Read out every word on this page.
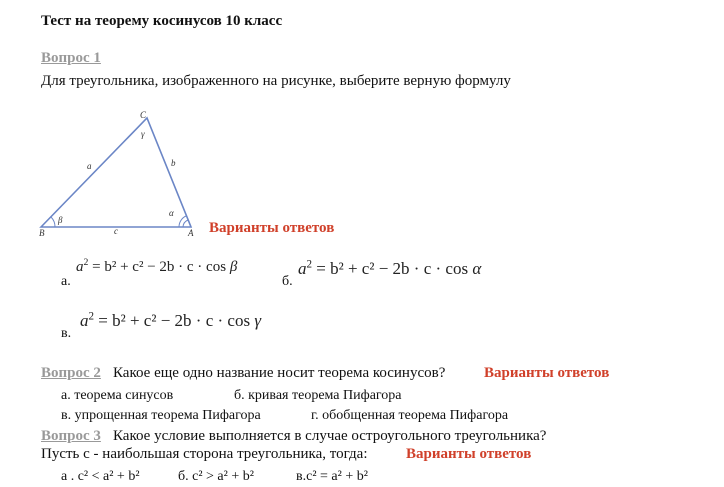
Тест на теорему косинусов 10 класс
Вопрос 1
Для треугольника, изображенного на рисунке, выберите верную формулу
C
B	A
a	b
c
γ
β
α
Варианты ответов
а.
$a^2 = b^2 + c^2 - 2b \cdot c \cdot \cos \beta$
б.
$a^2 = b^2 + c^2 - 2b \cdot c \cdot \cos \alpha$
в.
$a^2 = b^2 + c^2 - 2b \cdot c \cdot \cos \gamma$
Вопрос 2 Какое еще одно название носит теорема косинусов?	Варианты ответов
а. теорема синусов	б. кривая теорема Пифагора
в. упрощенная теорема Пифагора	г. обобщенная теорема Пифагора
Вопрос 3 Какое условие выполняется в случае остроугольного треугольника?
Пусть с - наибольшая сторона треугольника, тогда:	Варианты ответов
а . c² < a² + b²	б. c² > a² + b²	в.c² = a² + b²
